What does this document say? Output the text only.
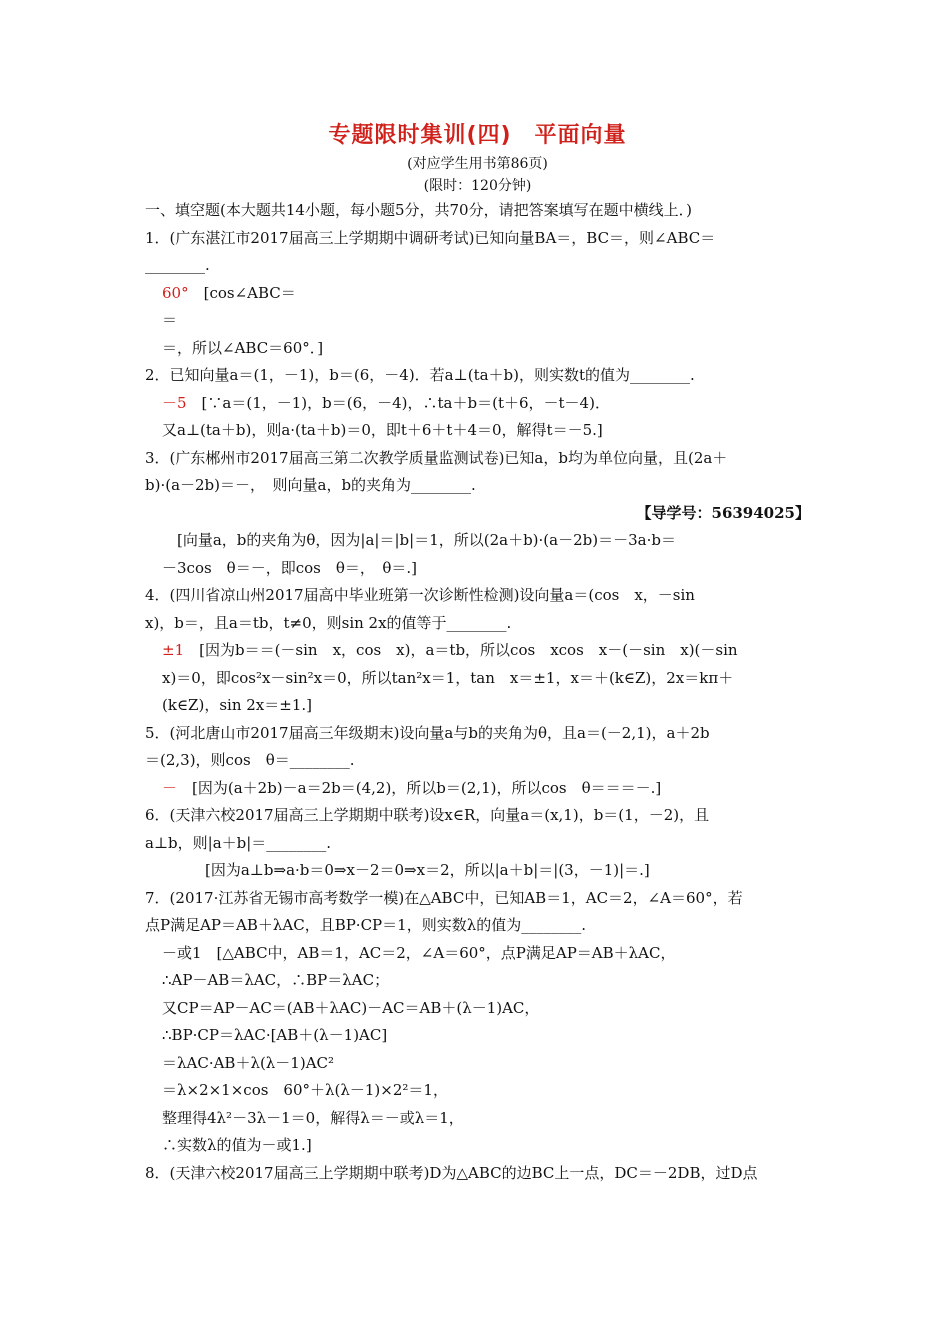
专题限时集训(四)　平面向量
(对应学生用书第86页)
(限时：120分钟)
一、填空题(本大题共14小题，每小题5分，共70分，请把答案填写在题中横线上．)
1．(广东湛江市2017届高三上学期期中调研考试)已知向量BA＝，BC＝，则∠ABC＝
________.
60°　[cos∠ABC＝
＝
＝，所以∠ABC＝60°．]
2．已知向量a＝(1，－1)，b＝(6，－4)．若a⊥(ta＋b)，则实数t的值为________.
－5　[∵a＝(1，－1)，b＝(6，－4)，∴ta＋b＝(t＋6，－t－4)．
又a⊥(ta＋b)，则a·(ta＋b)＝0，即t＋6＋t＋4＝0，解得t＝－5.]
3．(广东郴州市2017届高三第二次教学质量监测试卷)已知a，b均为单位向量，且(2a＋
b)·(a－2b)＝－，　则向量a，b的夹角为________.
【导学号：56394025】
　[向量a，b的夹角为θ，因为|a|＝|b|＝1，所以(2a＋b)·(a－2b)＝－3a·b＝
－3cos　θ＝－，即cos　θ＝，　θ＝.]
4．(四川省凉山州2017届高中毕业班第一次诊断性检测)设向量a＝(cos　x，－sin
x)，b＝，且a＝tb，t≠0，则sin 2x的值等于________.
±1　[因为b＝＝(－sin　x，cos　x)，a＝tb，所以cos　xcos　x－(－sin　x)(－sin
x)＝0，即cos²x－sin²x＝0，所以tan²x＝1，tan　x＝±1，x＝＋(k∈Z)，2x＝kπ＋
(k∈Z)，sin 2x＝±1.]
5．(河北唐山市2017届高三年级期末)设向量a与b的夹角为θ，且a＝(－2,1)，a＋2b
＝(2,3)，则cos　θ＝________.
－　[因为(a＋2b)－a＝2b＝(4,2)，所以b＝(2,1)，所以cos　θ＝＝＝－.]
6．(天津六校2017届高三上学期期中联考)设x∈R，向量a＝(x,1)，b＝(1，－2)，且
a⊥b，则|a＋b|＝________.
[因为a⊥b⇒a·b＝0⇒x－2＝0⇒x＝2，所以|a＋b|＝|(3，－1)|＝.]
7．(2017·江苏省无锡市高考数学一模)在△ABC中，已知AB＝1，AC＝2，∠A＝60°，若
点P满足AP＝AB＋λAC，且BP·CP＝1，则实数λ的值为________.
－或1　[△ABC中，AB＝1，AC＝2，∠A＝60°，点P满足AP＝AB＋λAC，
∴AP－AB＝λAC，∴BP＝λAC；
又CP＝AP－AC＝(AB＋λAC)－AC＝AB＋(λ－1)AC，
∴BP·CP＝λAC·[AB＋(λ－1)AC]
＝λAC·AB＋λ(λ－1)AC²
＝λ×2×1×cos　60°＋λ(λ－1)×2²＝1，
整理得4λ²－3λ－1＝0，解得λ＝－或λ＝1，
∴实数λ的值为－或1.]
8．(天津六校2017届高三上学期期中联考)D为△ABC的边BC上一点，DC＝－2DB，过D点
